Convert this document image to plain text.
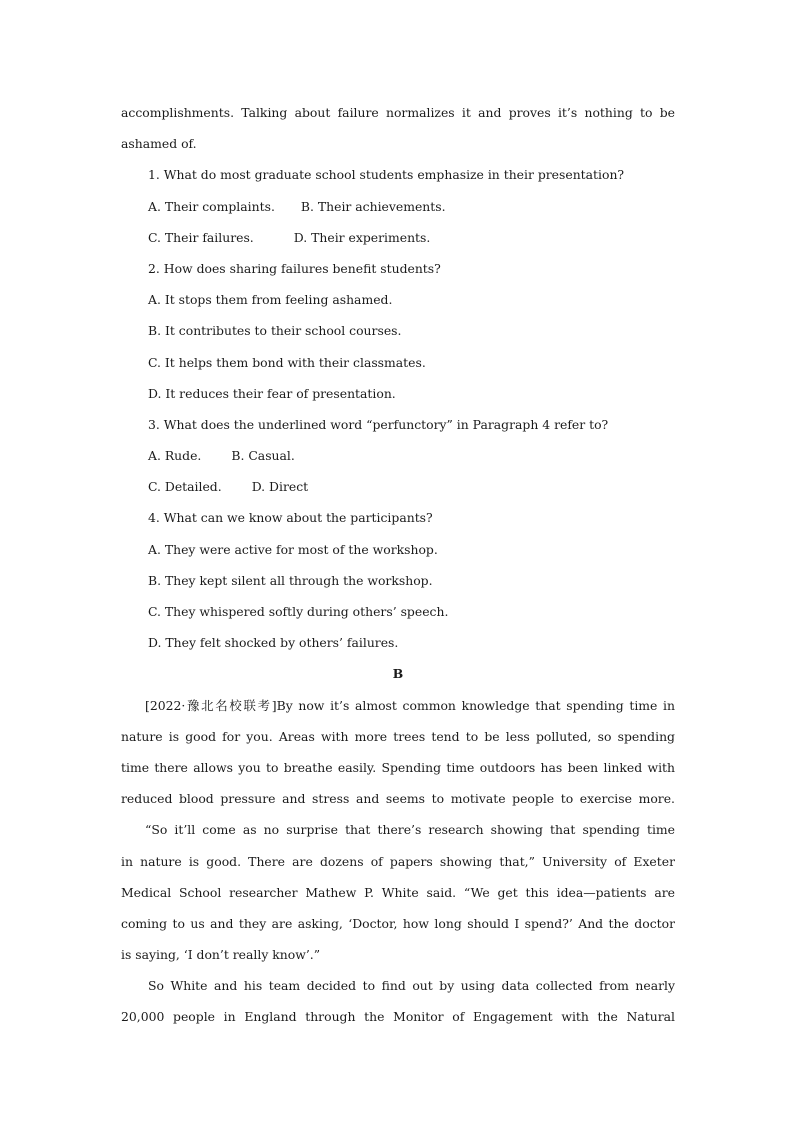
accomplishments. Talking about failure normalizes it and proves it’s nothing to be
ashamed of.
1. What do most graduate school students emphasize in their presentation?
A. Their complaints. B. Their achievements.
C. Their failures.	D. Their experiments.
2. How does sharing failures benefit students?
A. It stops them from feeling ashamed.
B. It contributes to their school courses.
C. It helps them bond with their classmates.
D. It reduces their fear of presentation.
3. What does the underlined word “perfunctory” in Paragraph 4 refer to?
A. Rude. B. Casual.
C. Detailed. D. Direct
4. What can we know about the participants?
A. They were active for most of the workshop.
B. They kept silent all through the workshop.
C. They whispered softly during others’ speech.
D. They felt shocked by others’ failures.
B
[2022·豫北名校联考]By now it’s almost common knowledge that spending time in
nature is good for you. Areas with more trees tend to be less polluted, so spending
time there allows you to breathe easily. Spending time outdoors has been linked with
reduced blood pressure and stress and seems to motivate people to exercise more.
“So it’ll come as no surprise that there’s research showing that spending time
in nature is good. There are dozens of papers showing that,” University of Exeter
Medical School researcher Mathew P. White said. “We get this idea—patients are
coming to us and they are asking, ‘Doctor, how long should I spend?’ And the doctor
is saying, ‘I don’t really know’.”
So White and his team decided to find out by using data collected from nearly
20,000 people in England through the Monitor of Engagement with the Natural
